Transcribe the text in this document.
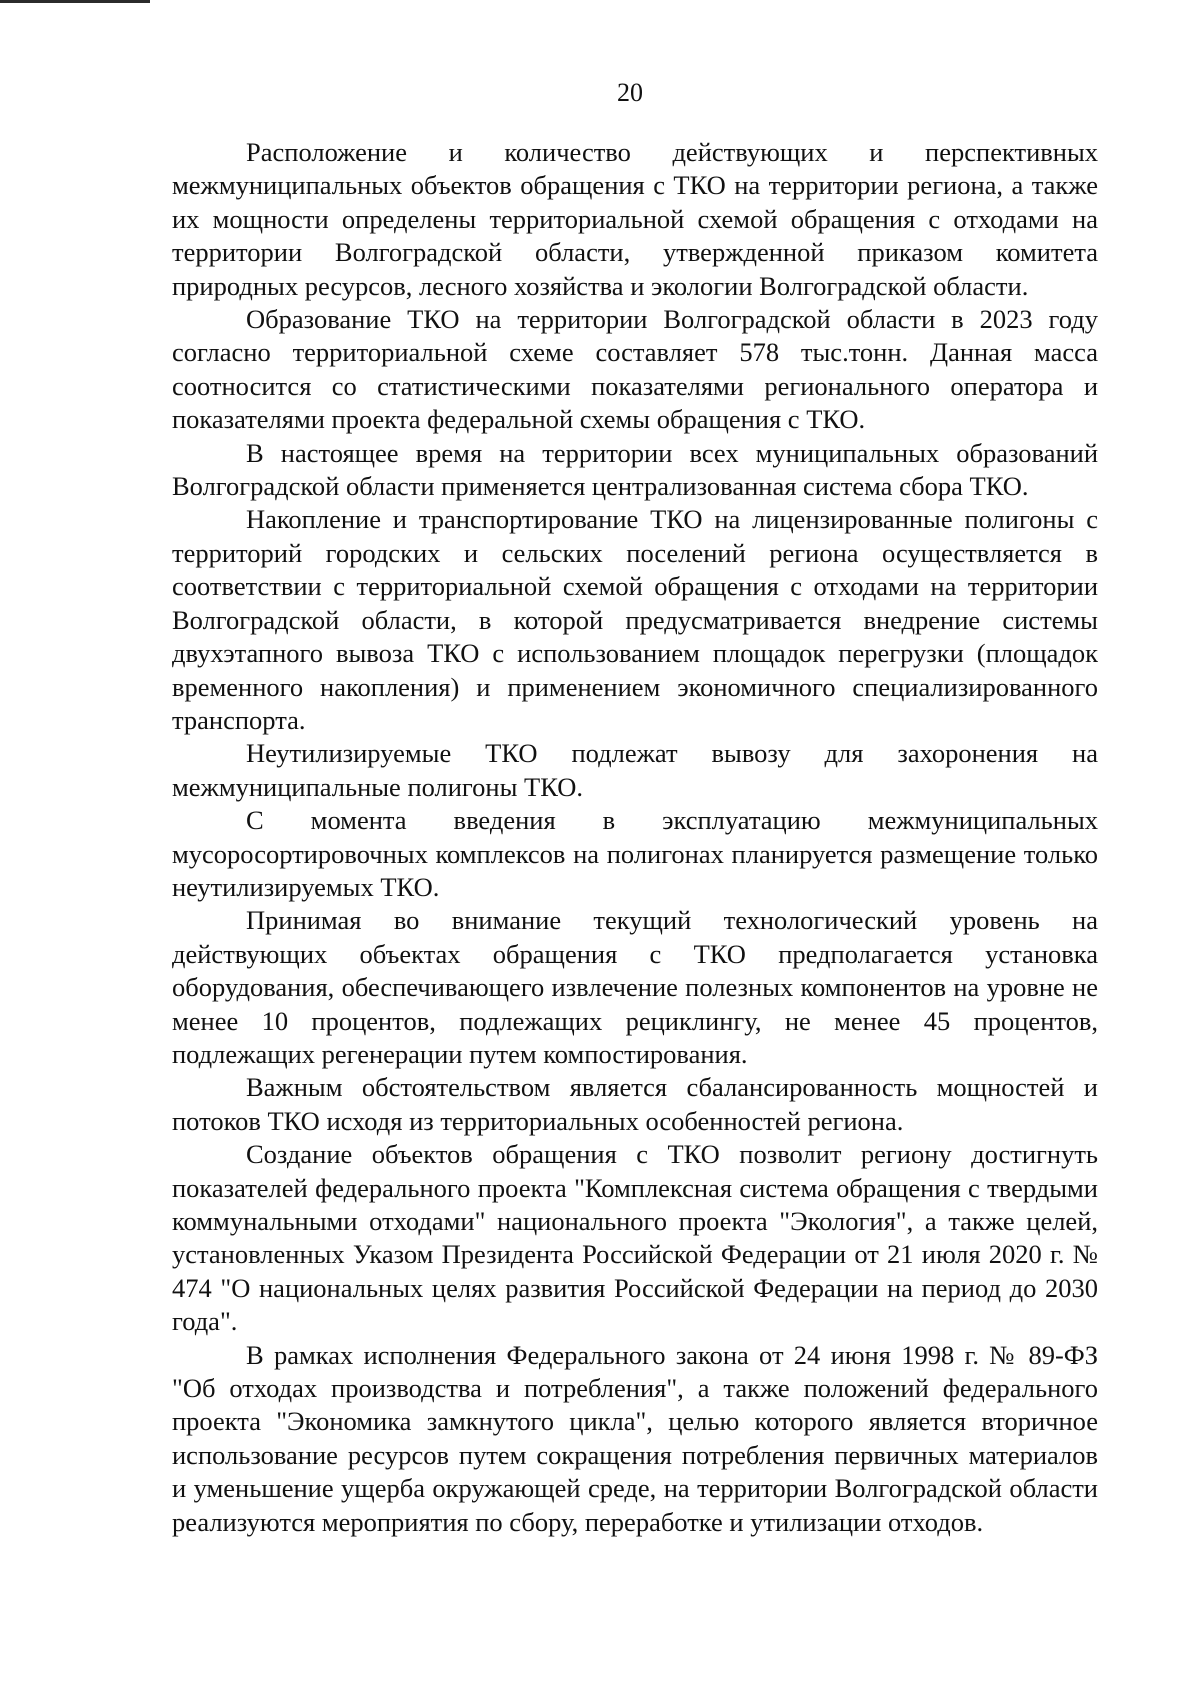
20

Расположение и количество действующих и перспективных межмуниципальных объектов обращения с ТКО на территории региона, а также их мощности определены территориальной схемой обращения с отходами на территории Волгоградской области, утвержденной приказом комитета природных ресурсов, лесного хозяйства и экологии Волгоградской области.

Образование ТКО на территории Волгоградской области в 2023 году согласно территориальной схеме составляет 578 тыс.тонн. Данная масса соотносится со статистическими показателями регионального оператора и показателями проекта федеральной схемы обращения с ТКО.

В настоящее время на территории всех муниципальных образований Волгоградской области применяется централизованная система сбора ТКО.

Накопление и транспортирование ТКО на лицензированные полигоны с территорий городских и сельских поселений региона осуществляется в соответствии с территориальной схемой обращения с отходами на территории Волгоградской области, в которой предусматривается внедрение системы двухэтапного вывоза ТКО с использованием площадок перегрузки (площадок временного накопления) и применением экономичного специализированного транспорта.

Неутилизируемые ТКО подлежат вывозу для захоронения на межмуниципальные полигоны ТКО.

С момента введения в эксплуатацию межмуниципальных мусоросортировочных комплексов на полигонах планируется размещение только неутилизируемых ТКО.

Принимая во внимание текущий технологический уровень на действующих объектах обращения с ТКО предполагается установка оборудования, обеспечивающего извлечение полезных компонентов на уровне не менее 10 процентов, подлежащих рециклингу, не менее 45 процентов, подлежащих регенерации путем компостирования.

Важным обстоятельством является сбалансированность мощностей и потоков ТКО исходя из территориальных особенностей региона.

Создание объектов обращения с ТКО позволит региону достигнуть показателей федерального проекта "Комплексная система обращения с твердыми коммунальными отходами" национального проекта "Экология", а также целей, установленных Указом Президента Российской Федерации от 21 июля 2020 г. № 474 "О национальных целях развития Российской Федерации на период до 2030 года".

В рамках исполнения Федерального закона от 24 июня 1998 г. № 89-ФЗ "Об отходах производства и потребления", а также положений федерального проекта "Экономика замкнутого цикла", целью которого является вторичное использование ресурсов путем сокращения потребления первичных материалов и уменьшение ущерба окружающей среде, на территории Волгоградской области реализуются мероприятия по сбору, переработке и утилизации отходов.
